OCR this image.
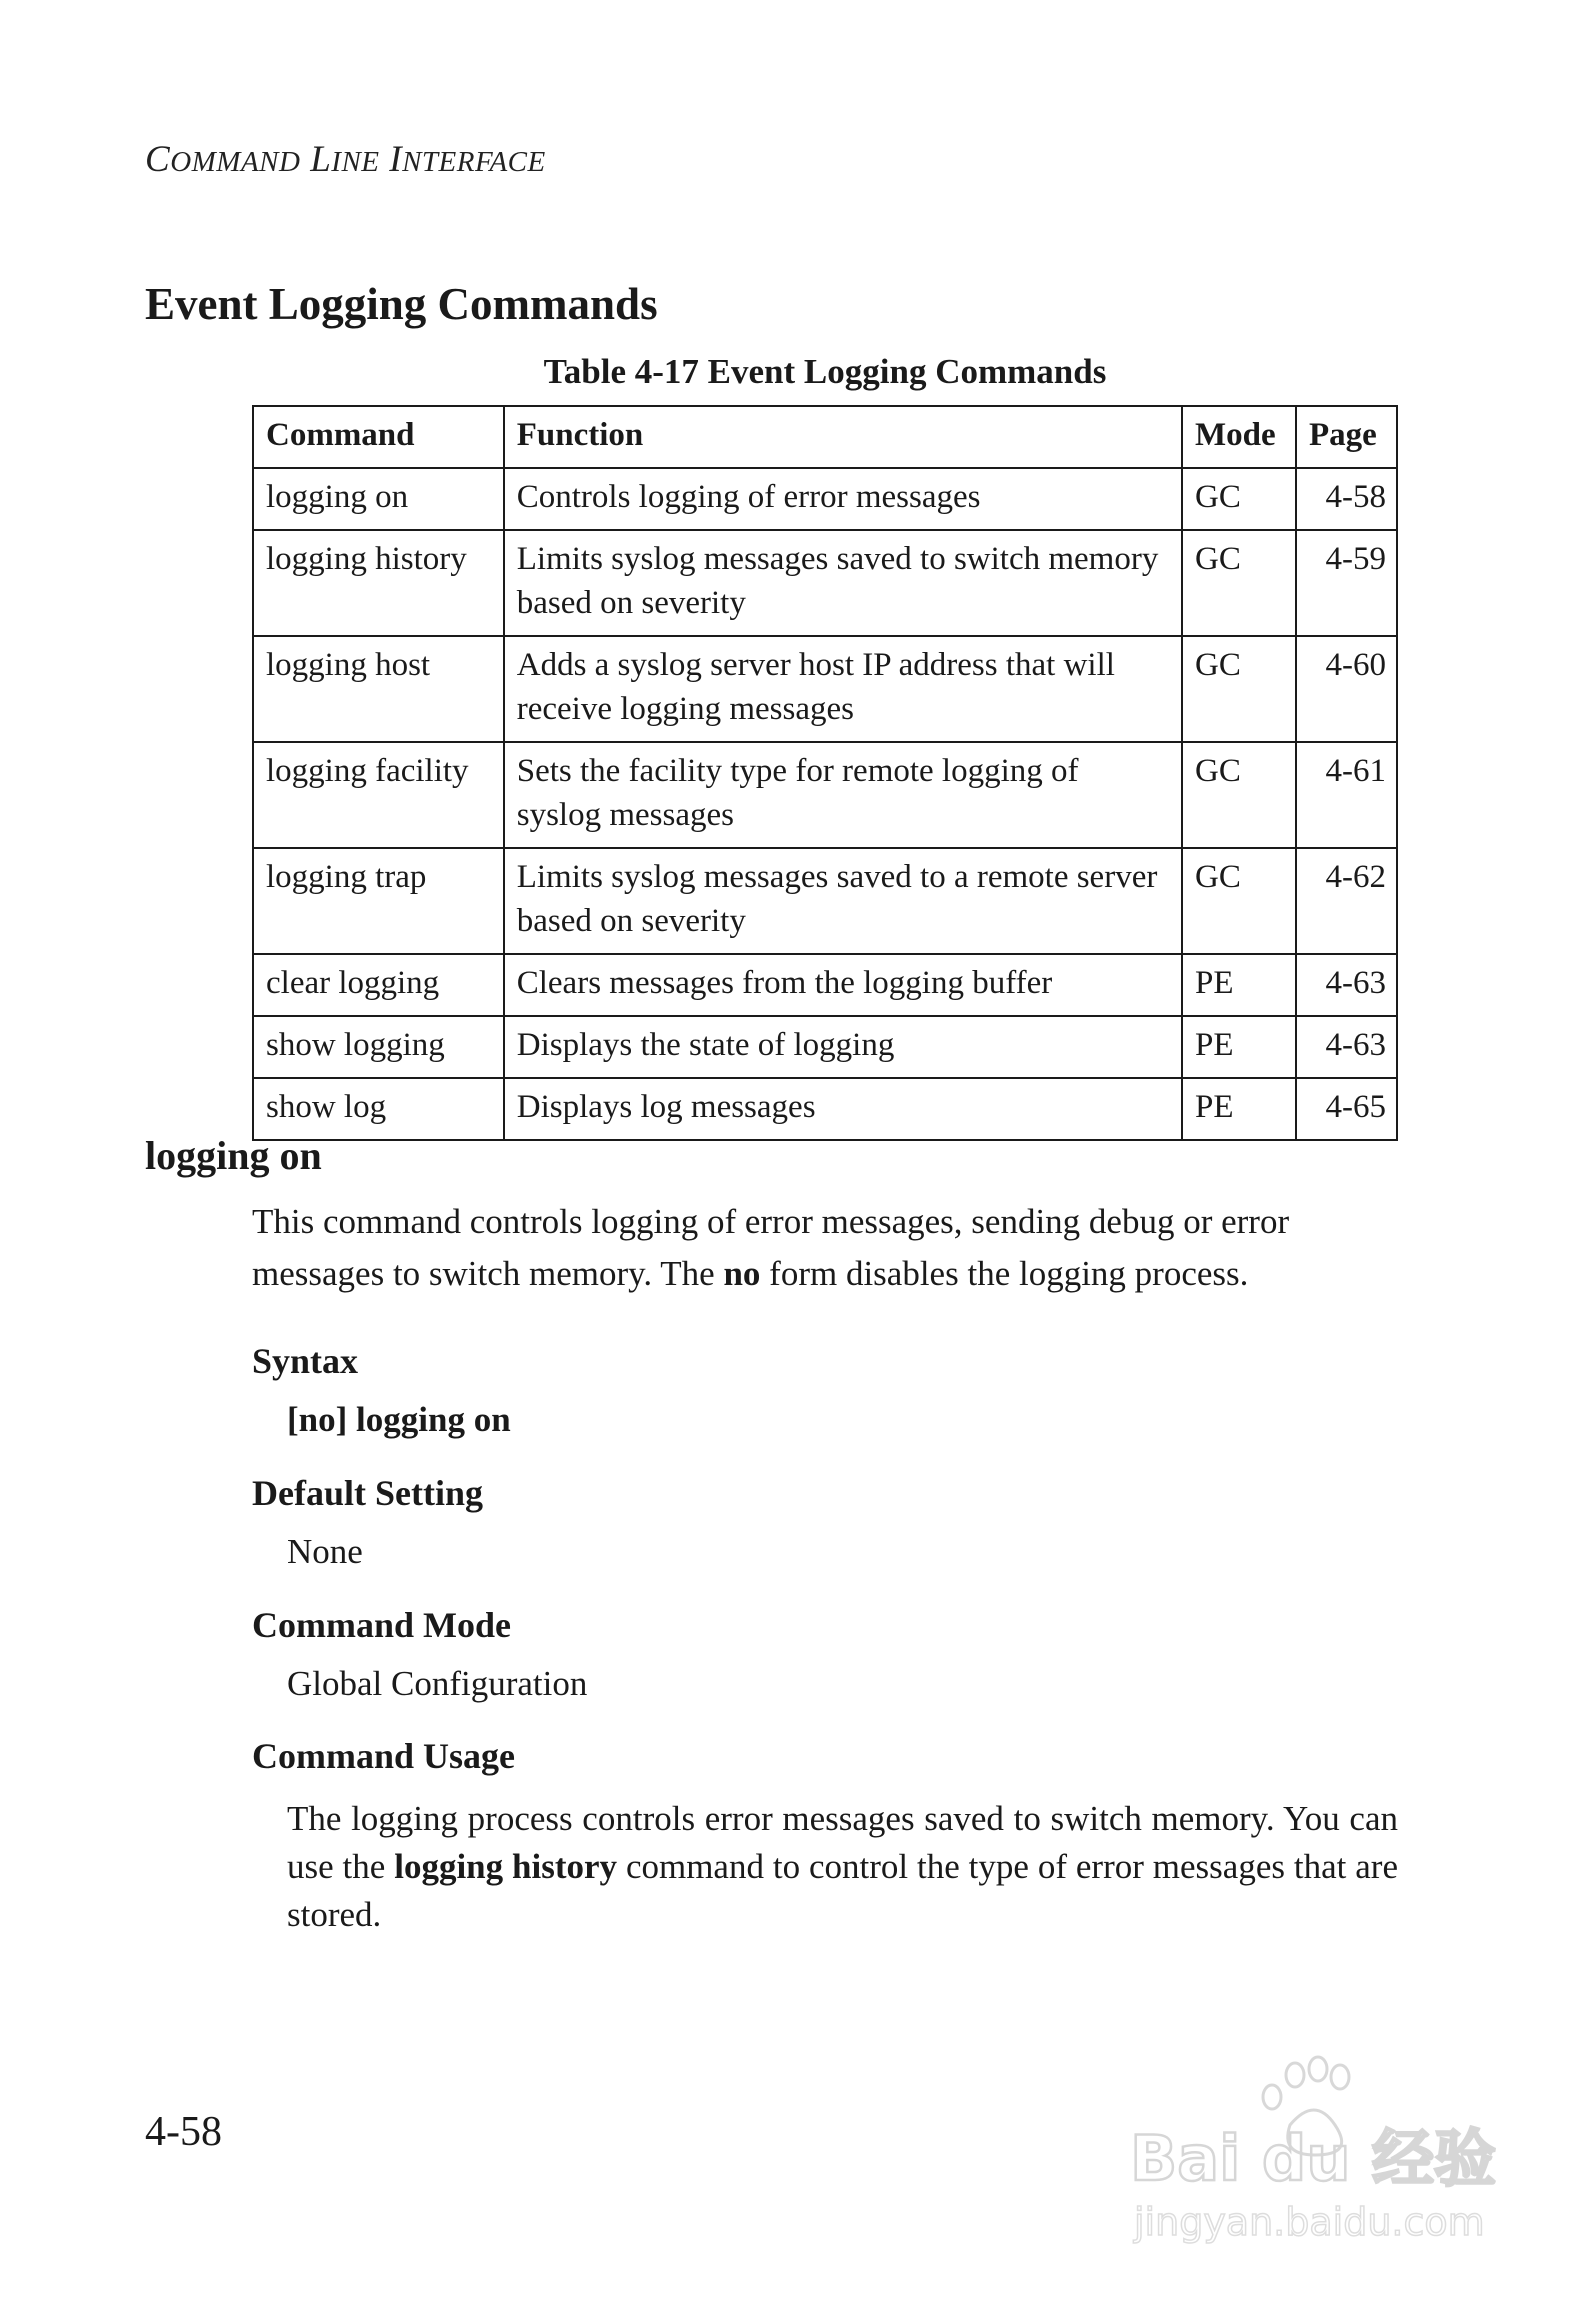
COMMAND LINE INTERFACE
Event Logging Commands
Table 4-17 Event Logging Commands
Command	Function	Mode	Page
logging on	Controls logging of error messages	GC	4-58
logging history	Limits syslog messages saved to switch memory based on severity	GC	4-59
logging host	Adds a syslog server host IP address that will receive logging messages	GC	4-60
logging facility	Sets the facility type for remote logging of syslog messages	GC	4-61
logging trap	Limits syslog messages saved to a remote server based on severity	GC	4-62
clear logging	Clears messages from the logging buffer	PE	4-63
show logging	Displays the state of logging	PE	4-63
show log	Displays log messages	PE	4-65
logging on

This command controls logging of error messages, sending debug or error messages to switch memory. The no form disables the logging process.

Syntax

[no] logging on

Default Setting

None

Command Mode

Global Configuration

Command Usage

The logging process controls error messages saved to switch memory. You can use the logging history command to control the type of error messages that are stored.

4-58	Bai du 经验
jingyan.baidu.com
